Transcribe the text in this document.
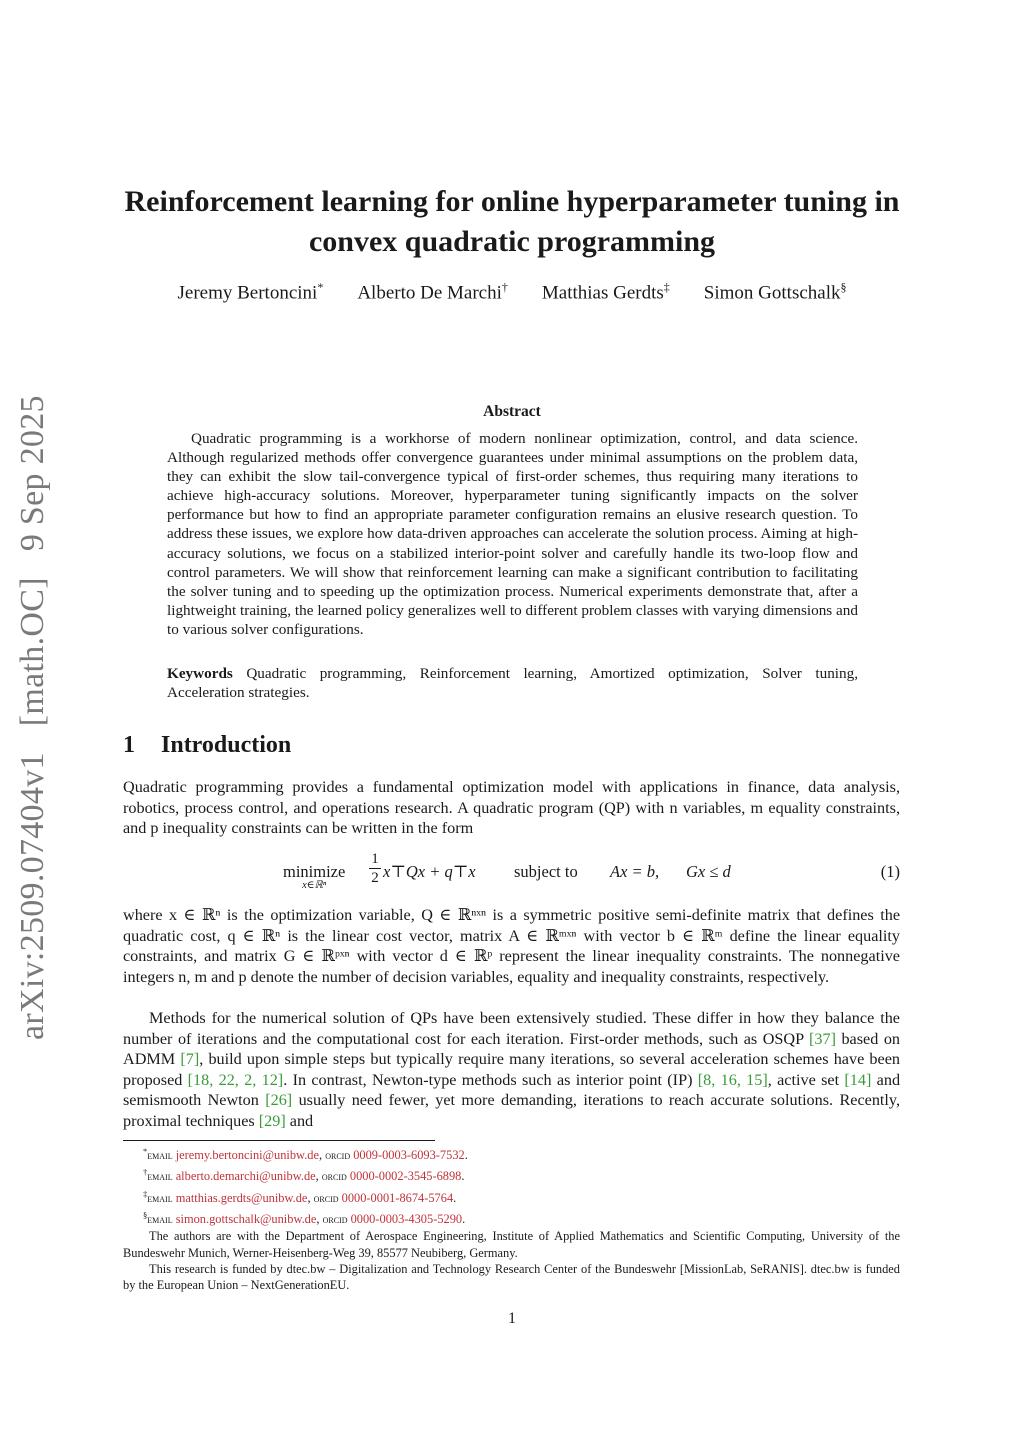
arXiv:2509.07404v1
[math.OC]
9 Sep 2025
Reinforcement learning for online hyperparameter tuning in convex quadratic programming
Jeremy Bertoncini* Alberto De Marchi† Matthias Gerdts‡ Simon Gottschalk§
Abstract

Quadratic programming is a workhorse of modern nonlinear optimization, control, and data science. Although regularized methods offer convergence guarantees under minimal assumptions on the problem data, they can exhibit the slow tail-convergence typical of first-order schemes, thus requiring many iterations to achieve high-accuracy solutions. Moreover, hyperparameter tuning significantly impacts on the solver performance but how to find an appropriate parameter configuration remains an elusive research question. To address these issues, we explore how data-driven approaches can accelerate the solution process. Aiming at high-accuracy solutions, we focus on a stabilized interior-point solver and carefully handle its two-loop flow and control parameters. We will show that reinforcement learning can make a significant contribution to facilitating the solver tuning and to speeding up the optimization process. Numerical experiments demonstrate that, after a lightweight training, the learned policy generalizes well to different problem classes with varying dimensions and to various solver configurations.

Keywords Quadratic programming, Reinforcement learning, Amortized optimization, Solver tuning, Acceleration strategies.

1 Introduction

Quadratic programming provides a fundamental optimization model with applications in finance, data analysis, robotics, process control, and operations research. A quadratic program (QP) with n variables, m equality constraints, and p inequality constraints can be written in the form

minimize
x∈ℝⁿ
1
2 x⊤Qx + q⊤x subject to Ax = b, Gx ≤ d	(1)

where x ∈ ℝⁿ is the optimization variable, Q ∈ ℝⁿˣⁿ is a symmetric positive semi-definite matrix that defines the quadratic cost, q ∈ ℝⁿ is the linear cost vector, matrix A ∈ ℝᵐˣⁿ with vector b ∈ ℝᵐ define the linear equality constraints, and matrix G ∈ ℝᵖˣⁿ with vector d ∈ ℝᵖ represent the linear inequality constraints. The nonnegative integers n, m and p denote the number of decision variables, equality and inequality constraints, respectively.

Methods for the numerical solution of QPs have been extensively studied. These differ in how they balance the number of iterations and the computational cost for each iteration. First-order methods, such as OSQP [37] based on ADMM [7], build upon simple steps but typically require many iterations, so several acceleration schemes have been proposed [18, 22, 2, 12]. In contrast, Newton-type methods such as interior point (IP) [8, 16, 15], active set [14] and semismooth Newton [26] usually need fewer, yet more demanding, iterations to reach accurate solutions. Recently, proximal techniques [29] and

*email jeremy.bertoncini@unibw.de, orcid 0009-0003-6093-7532.
†email alberto.demarchi@unibw.de, orcid 0000-0002-3545-6898.
‡email matthias.gerdts@unibw.de, orcid 0000-0001-8674-5764.
§email simon.gottschalk@unibw.de, orcid 0000-0003-4305-5290.
The authors are with the Department of Aerospace Engineering, Institute of Applied Mathematics and Scientific Computing, University of the Bundeswehr Munich, Werner-Heisenberg-Weg 39, 85577 Neubiberg, Germany.
This research is funded by dtec.bw – Digitalization and Technology Research Center of the Bundeswehr [MissionLab, SeRANIS]. dtec.bw is funded by the European Union – NextGenerationEU.
1
